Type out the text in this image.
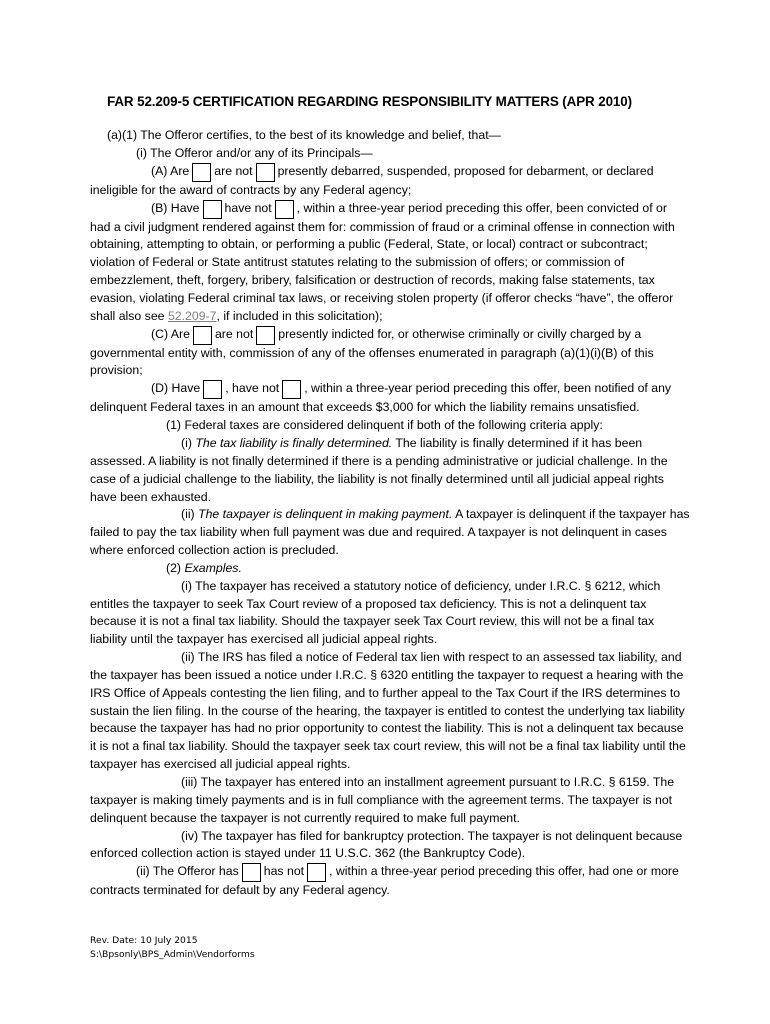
FAR 52.209-5 CERTIFICATION REGARDING RESPONSIBILITY MATTERS (APR 2010)

(a)(1) The Offeror certifies, to the best of its knowledge and belief, that—

(i) The Offeror and/or any of its Principals—

(A) Are are not presently debarred, suspended, proposed for debarment, or declared ineligible for the award of contracts by any Federal agency;

(B) Have have not , within a three-year period preceding this offer, been convicted of or had a civil judgment rendered against them for: commission of fraud or a criminal offense in connection with obtaining, attempting to obtain, or performing a public (Federal, State, or local) contract or subcontract; violation of Federal or State antitrust statutes relating to the submission of offers; or commission of embezzlement, theft, forgery, bribery, falsification or destruction of records, making false statements, tax evasion, violating Federal criminal tax laws, or receiving stolen property (if offeror checks “have”, the offeror shall also see 52.209-7, if included in this solicitation);

(C) Are are not presently indicted for, or otherwise criminally or civilly charged by a governmental entity with, commission of any of the offenses enumerated in paragraph (a)(1)(i)(B) of this provision;

(D) Have , have not , within a three-year period preceding this offer, been notified of any delinquent Federal taxes in an amount that exceeds $3,000 for which the liability remains unsatisfied.

(1) Federal taxes are considered delinquent if both of the following criteria apply:

(i) The tax liability is finally determined. The liability is finally determined if it has been assessed. A liability is not finally determined if there is a pending administrative or judicial challenge. In the case of a judicial challenge to the liability, the liability is not finally determined until all judicial appeal rights have been exhausted.

(ii) The taxpayer is delinquent in making payment. A taxpayer is delinquent if the taxpayer has failed to pay the tax liability when full payment was due and required. A taxpayer is not delinquent in cases where enforced collection action is precluded.

(2) Examples.

(i) The taxpayer has received a statutory notice of deficiency, under I.R.C. § 6212, which entitles the taxpayer to seek Tax Court review of a proposed tax deficiency. This is not a delinquent tax because it is not a final tax liability. Should the taxpayer seek Tax Court review, this will not be a final tax liability until the taxpayer has exercised all judicial appeal rights.

(ii) The IRS has filed a notice of Federal tax lien with respect to an assessed tax liability, and the taxpayer has been issued a notice under I.R.C. § 6320 entitling the taxpayer to request a hearing with the IRS Office of Appeals contesting the lien filing, and to further appeal to the Tax Court if the IRS determines to sustain the lien filing. In the course of the hearing, the taxpayer is entitled to contest the underlying tax liability because the taxpayer has had no prior opportunity to contest the liability. This is not a delinquent tax because it is not a final tax liability. Should the taxpayer seek tax court review, this will not be a final tax liability until the taxpayer has exercised all judicial appeal rights.

(iii) The taxpayer has entered into an installment agreement pursuant to I.R.C. § 6159. The taxpayer is making timely payments and is in full compliance with the agreement terms. The taxpayer is not delinquent because the taxpayer is not currently required to make full payment.

(iv) The taxpayer has filed for bankruptcy protection. The taxpayer is not delinquent because enforced collection action is stayed under 11 U.S.C. 362 (the Bankruptcy Code).

(ii) The Offeror has has not , within a three-year period preceding this offer, had one or more contracts terminated for default by any Federal agency.

Rev. Date: 10 July 2015
S:\Bpsonly\BPS_Admin\Vendorforms
